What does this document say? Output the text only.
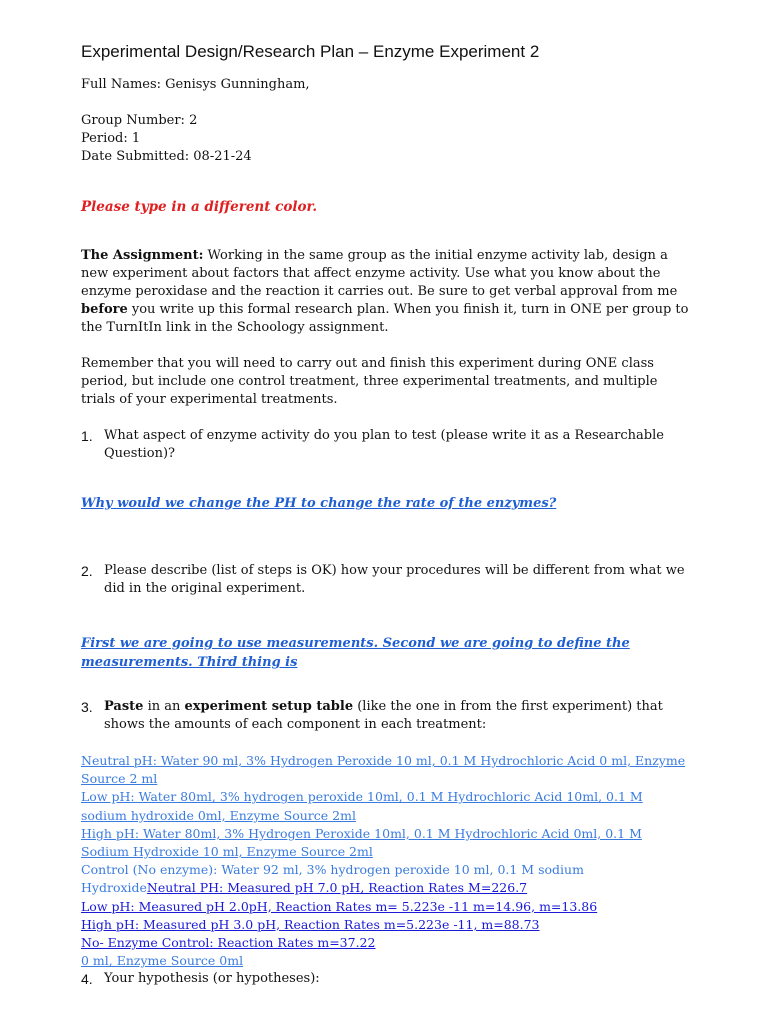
Experimental Design/Research Plan – Enzyme Experiment 2

Full Names: Genisys Gunningham,

Group Number: 2

Period: 1

Date Submitted: 08-21-24

Please type in a different color.

The Assignment: Working in the same group as the initial enzyme activity lab, design a new experiment about factors that affect enzyme activity. Use what you know about the enzyme peroxidase and the reaction it carries out. Be sure to get verbal approval from me before you write up this formal research plan. When you finish it, turn in ONE per group to the TurnItIn link in the Schoology assignment.

Remember that you will need to carry out and finish this experiment during ONE class period, but include one control treatment, three experimental treatments, and multiple trials of your experimental treatments.

1. What aspect of enzyme activity do you plan to test (please write it as a Researchable Question)?

Why would we change the PH to change the rate of the enzymes?

2. Please describe (list of steps is OK) how your procedures will be different from what we did in the original experiment.

First we are going to use measurements. Second we are going to define the

measurements. Third thing is

3. Paste in an experiment setup table (like the one in from the first experiment) that shows the amounts of each component in each treatment:

Neutral pH: Water 90 ml, 3% Hydrogen Peroxide 10 ml, 0.1 M Hydrochloric Acid 0 ml, Enzyme

Source 2 ml

Low pH: Water 80ml, 3% hydrogen peroxide 10ml, 0.1 M Hydrochloric Acid 10ml, 0.1 M

sodium hydroxide 0ml, Enzyme Source 2ml

High pH: Water 80ml, 3% Hydrogen Peroxide 10ml, 0.1 M Hydrochloric Acid 0ml, 0.1 M

Sodium Hydroxide 10 ml, Enzyme Source 2ml

Control (No enzyme): Water 92 ml, 3% hydrogen peroxide 10 ml, 0.1 M sodium

HydroxideNeutral PH: Measured pH 7.0 pH, Reaction Rates M=226.7

Low pH: Measured pH 2.0pH, Reaction Rates m= 5.223e -11 m=14.96, m=13.86

High pH: Measured pH 3.0 pH, Reaction Rates m=5.223e -11, m=88.73

No- Enzyme Control: Reaction Rates m=37.22

0 ml, Enzyme Source 0ml

4. Your hypothesis (or hypotheses):
